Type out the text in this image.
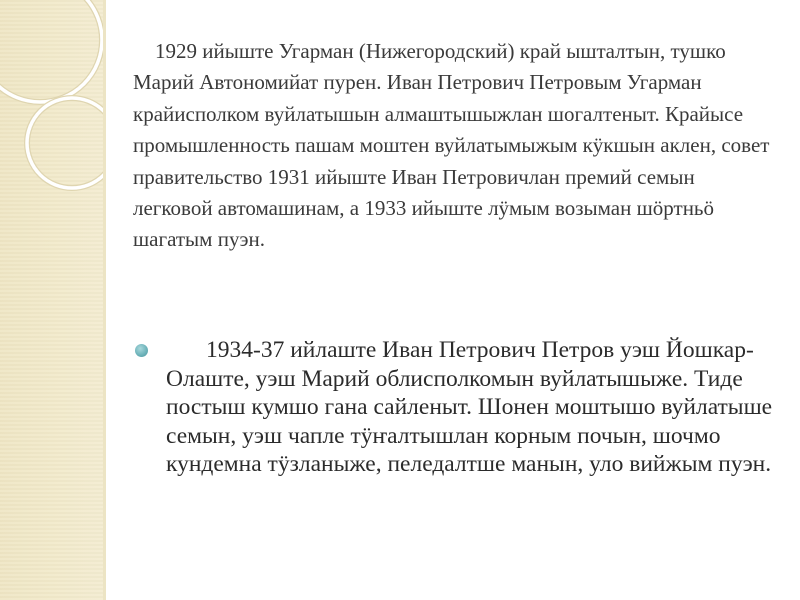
1929 ийыште Угарман (Нижегородский) край ыштaлтын, тушко Марий Автономийат пурен. Иван Петрович Петровым Угарман крайисполком вуйлатышын алмаштышыжлан шогалтеныт. Крайысе промышленность пашам моштен вуйлатымыжым кӱкшын аклен, совет правительство 1931 ийыште Иван Петровичлан премий семын легковой автомашинам, а 1933 ийыште лӱмым возыман шӧртньӧ шагатым пуэн.

1934-37 ийлаште Иван Петрович Петров уэш Йошкар-Олаште, уэш Марий облисполкомын вуйлатышыже. Тиде постыш кумшо гана сайленыт. Шонен моштышо вуйлатыше семын, уэш чапле тӱҥалтышлан корным почын, шочмо кундемна тӱзланыже, пеледалтше манын, уло вийжым пуэн.
